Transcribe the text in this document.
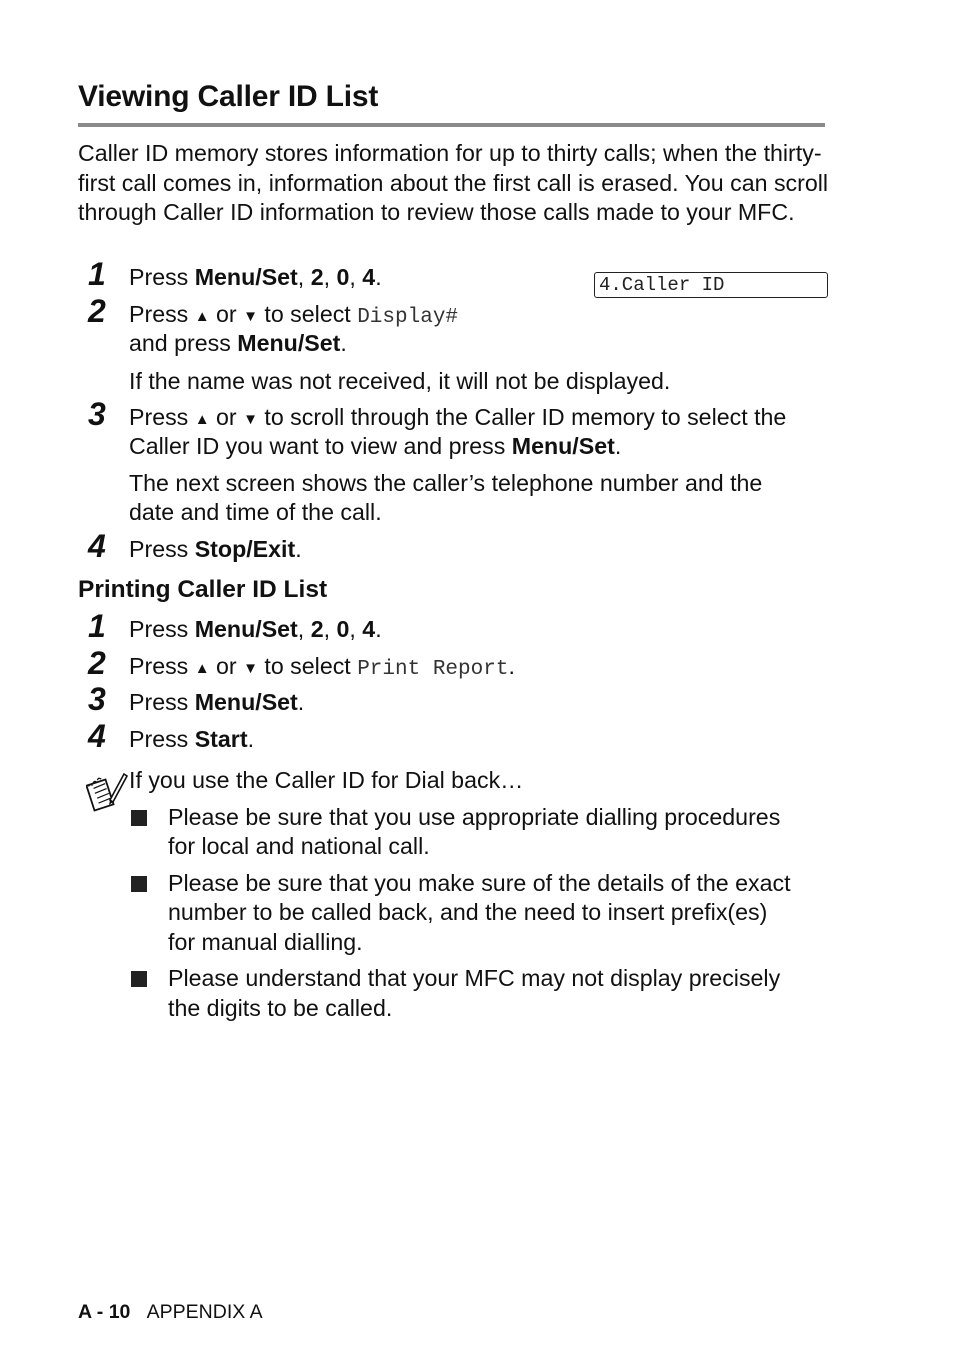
Viewing Caller ID List
Caller ID memory stores information for up to thirty calls; when the thirty-first call comes in, information about the first call is erased. You can scroll through Caller ID information to review those calls made to your MFC.
4.Caller ID
1	Press Menu/Set, 2, 0, 4.
2	Press ▲ or ▼ to select Display#
and press Menu/Set.
If the name was not received, it will not be displayed.
3	Press ▲ or ▼ to scroll through the Caller ID memory to select the
Caller ID you want to view and press Menu/Set.
The next screen shows the caller’s telephone number and the
date and time of the call.
4	Press Stop/Exit.
Printing Caller ID List
1	Press Menu/Set, 2, 0, 4.
2	Press ▲ or ▼ to select Print Report.
3	Press Menu/Set.
4	Press Start.
If you use the Caller ID for Dial back…
Please be sure that you use appropriate dialling procedures
for local and national call.
Please be sure that you make sure of the details of the exact
number to be called back, and the need to insert prefix(es)
for manual dialling.
Please understand that your MFC may not display precisely
the digits to be called.
A - 10 APPENDIX A
